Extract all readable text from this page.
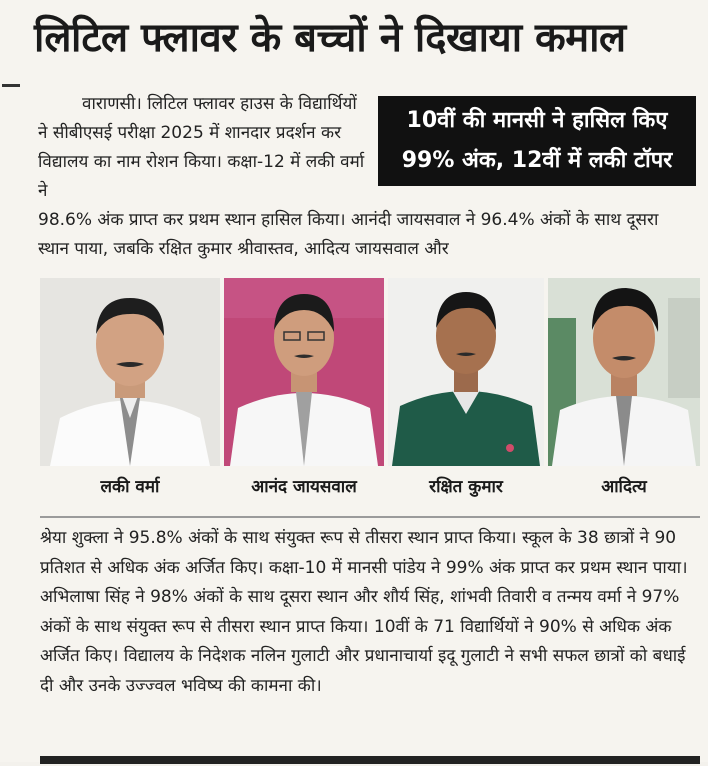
लिटिल फ्लावर के बच्चों ने दिखाया कमाल
वाराणसी। लिटिल फ्लावर हाउस के विद्यार्थियों ने सीबीएसई परीक्षा 2025 में शानदार प्रदर्शन कर विद्यालय का नाम रोशन किया। कक्षा-12 में लकी वर्मा ने
10वीं की मानसी ने हासिल किए
99% अंक, 12वीं में लकी टॉपर
98.6% अंक प्राप्त कर प्रथम स्थान हासिल किया। आनंदी जायसवाल ने 96.4% अंकों के साथ दूसरा स्थान पाया, जबकि रक्षित कुमार श्रीवास्तव, आदित्य जायसवाल और
लकी वर्मा	आनंद जायसवाल	रक्षित कुमार	आदित्य
श्रेया शुक्ला ने 95.8% अंकों के साथ संयुक्त रूप से तीसरा स्थान प्राप्त किया। स्कूल के 38 छात्रों ने 90 प्रतिशत से अधिक अंक अर्जित किए। कक्षा-10 में मानसी पांडेय ने 99% अंक प्राप्त कर प्रथम स्थान पाया। अभिलाषा सिंह ने 98% अंकों के साथ दूसरा स्थान और शौर्य सिंह, शांभवी तिवारी व तन्मय वर्मा ने 97% अंकों के साथ संयुक्त रूप से तीसरा स्थान प्राप्त किया। 10वीं के 71 विद्यार्थियों ने 90% से अधिक अंक अर्जित किए। विद्यालय के निदेशक नलिन गुलाटी और प्रधानाचार्या इदू गुलाटी ने सभी सफल छात्रों को बधाई दी और उनके उज्ज्वल भविष्य की कामना की।
